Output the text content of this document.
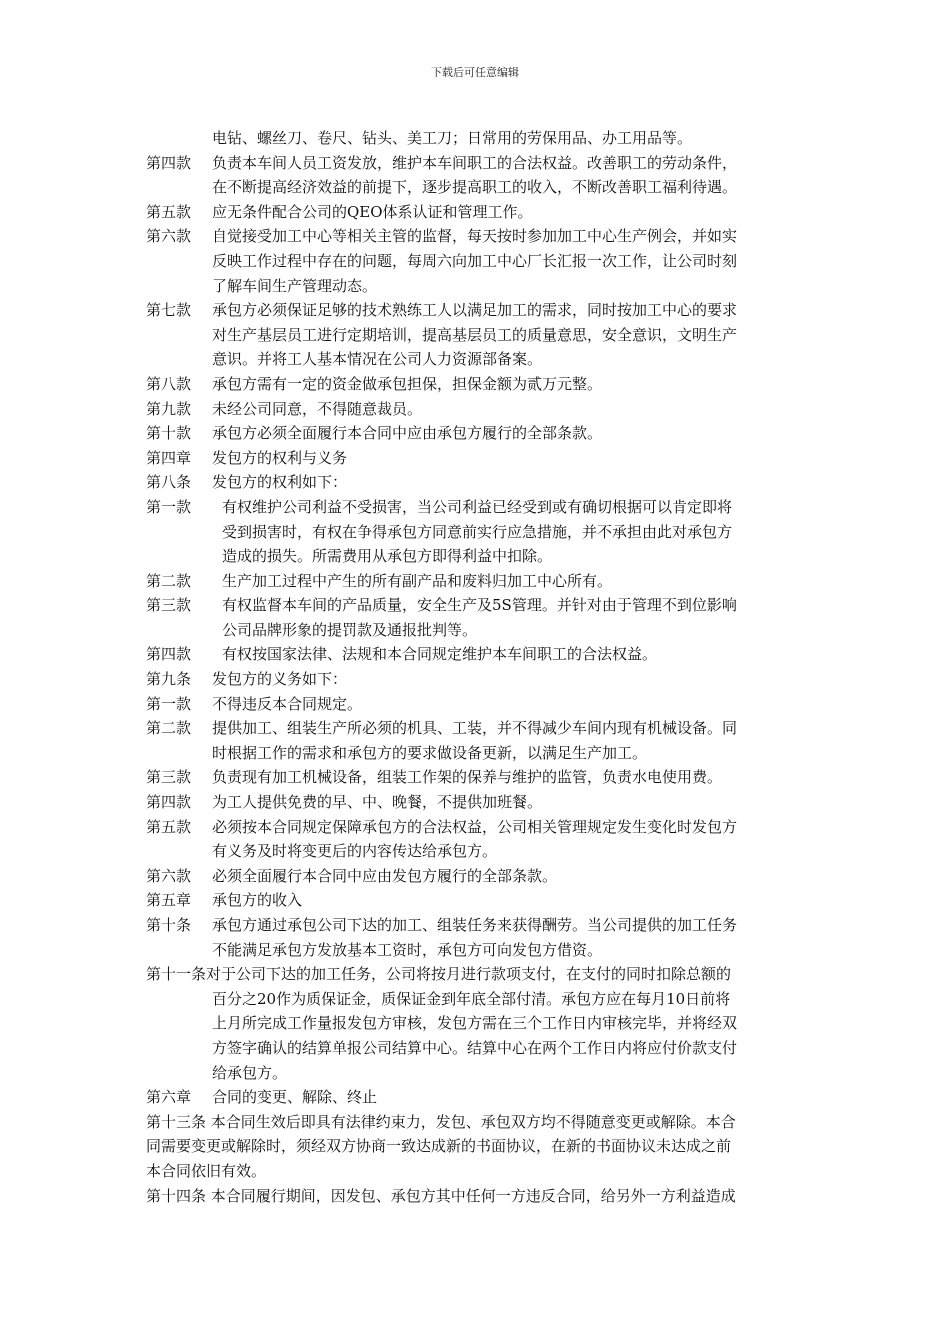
下载后可任意编辑
电钻、螺丝刀、卷尺、钻头、美工刀；日常用的劳保用品、办工用品等。
第四款	负责本车间人员工资发放，维护本车间职工的合法权益。改善职工的劳动条件，
在不断提高经济效益的前提下，逐步提高职工的收入，不断改善职工福利待遇。
第五款	应无条件配合公司的QEO体系认证和管理工作。
第六款	自觉接受加工中心等相关主管的监督，每天按时参加加工中心生产例会，并如实
反映工作过程中存在的问题，每周六向加工中心厂长汇报一次工作，让公司时刻
了解车间生产管理动态。
第七款	承包方必须保证足够的技术熟练工人以满足加工的需求，同时按加工中心的要求
对生产基层员工进行定期培训，提高基层员工的质量意思，安全意识，文明生产
意识。并将工人基本情况在公司人力资源部备案。
第八款	承包方需有一定的资金做承包担保，担保金额为贰万元整。
第九款	未经公司同意，不得随意裁员。
第十款	承包方必须全面履行本合同中应由承包方履行的全部条款。
第四章	发包方的权利与义务
第八条	发包方的权利如下：
第一款	有权维护公司利益不受损害，当公司利益已经受到或有确切根据可以肯定即将
受到损害时，有权在争得承包方同意前实行应急措施，并不承担由此对承包方
造成的损失。所需费用从承包方即得利益中扣除。
第二款	生产加工过程中产生的所有副产品和废料归加工中心所有。
第三款	有权监督本车间的产品质量，安全生产及5S管理。并针对由于管理不到位影响
公司品牌形象的提罚款及通报批判等。
第四款	有权按国家法律、法规和本合同规定维护本车间职工的合法权益。
第九条	发包方的义务如下：
第一款	不得违反本合同规定。
第二款	提供加工、组装生产所必须的机具、工装，并不得减少车间内现有机械设备。同
时根据工作的需求和承包方的要求做设备更新，以满足生产加工。
第三款	负责现有加工机械设备，组装工作架的保养与维护的监管，负责水电使用费。
第四款	为工人提供免费的早、中、晚餐，不提供加班餐。
第五款	必须按本合同规定保障承包方的合法权益，公司相关管理规定发生变化时发包方
有义务及时将变更后的内容传达给承包方。
第六款	必须全面履行本合同中应由发包方履行的全部条款。
第五章	承包方的收入
第十条	承包方通过承包公司下达的加工、组装任务来获得酬劳。当公司提供的加工任务
不能满足承包方发放基本工资时，承包方可向发包方借资。
第十一条 对于公司下达的加工任务，公司将按月进行款项支付，在支付的同时扣除总额的
百分之20作为质保证金，质保证金到年底全部付清。承包方应在每月10日前将
上月所完成工作量报发包方审核，发包方需在三个工作日内审核完毕，并将经双
方签字确认的结算单报公司结算中心。结算中心在两个工作日内将应付价款支付
给承包方。
第六章	合同的变更、解除、终止
第十三条 本合同生效后即具有法律约束力，发包、承包双方均不得随意变更或解除。本合
同需要变更或解除时，须经双方协商一致达成新的书面协议，在新的书面协议未达成之前
本合同依旧有效。
第十四条 本合同履行期间，因发包、承包方其中任何一方违反合同，给另外一方利益造成
